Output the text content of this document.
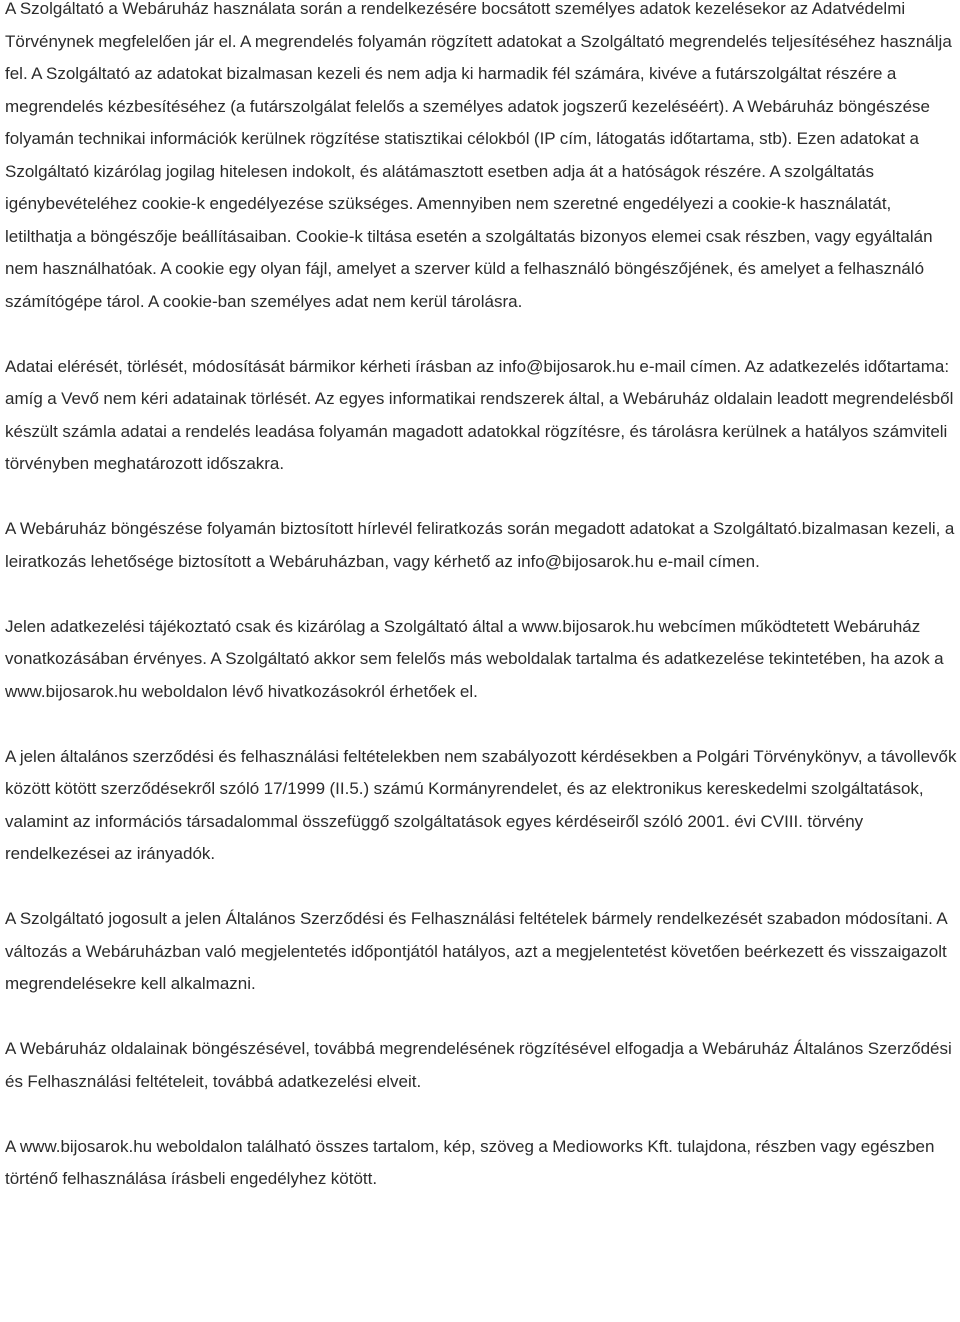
A Szolgáltató a Webáruház használata során a rendelkezésére bocsátott személyes adatok kezelésekor az Adatvédelmi Törvénynek megfelelően jár el. A megrendelés folyamán rögzített adatokat a Szolgáltató megrendelés teljesítéséhez használja fel. A Szolgáltató az adatokat bizalmasan kezeli és nem adja ki harmadik fél számára, kivéve a futárszolgáltat részére a megrendelés kézbesítéséhez (a futárszolgálat felelős a személyes adatok jogszerű kezeléséért). A Webáruház böngészése folyamán technikai információk kerülnek rögzítése statisztikai célokból (IP cím, látogatás időtartama, stb). Ezen adatokat a Szolgáltató kizárólag jogilag hitelesen indokolt, és alátámasztott esetben adja át a hatóságok részére. A szolgáltatás igénybevételéhez cookie-k engedélyezése szükséges. Amennyiben nem szeretné engedélyezi a cookie-k használatát, letilthatja a böngészője beállításaiban. Cookie-k tiltása esetén a szolgáltatás bizonyos elemei csak részben, vagy egyáltalán nem használhatóak. A cookie egy olyan fájl, amelyet a szerver küld a felhasználó böngészőjének, és amelyet a felhasználó számítógépe tárol. A cookie-ban személyes adat nem kerül tárolásra.

Adatai elérését, törlését, módosítását bármikor kérheti írásban az info@bijosarok.hu e-mail címen. Az adatkezelés időtartama: amíg a Vevő nem kéri adatainak törlését. Az egyes informatikai rendszerek által, a Webáruház oldalain leadott megrendelésből készült számla adatai a rendelés leadása folyamán magadott adatokkal rögzítésre, és tárolásra kerülnek a hatályos számviteli törvényben meghatározott időszakra.

A Webáruház böngészése folyamán biztosított hírlevél feliratkozás során megadott adatokat a Szolgáltató.bizalmasan kezeli, a leiratkozás lehetősége biztosított a Webáruházban, vagy kérhető az info@bijosarok.hu e-mail címen.

Jelen adatkezelési tájékoztató csak és kizárólag a Szolgáltató által a www.bijosarok.hu webcímen működtetett Webáruház vonatkozásában érvényes. A Szolgáltató akkor sem felelős más weboldalak tartalma és adatkezelése tekintetében, ha azok a www.bijosarok.hu weboldalon lévő hivatkozásokról érhetőek el.

A jelen általános szerződési és felhasználási feltételekben nem szabályozott kérdésekben a Polgári Törvénykönyv, a távollevők között kötött szerződésekről szóló 17/1999 (II.5.) számú Kormányrendelet, és az elektronikus kereskedelmi szolgáltatások, valamint az információs társadalommal összefüggő szolgáltatások egyes kérdéseiről szóló 2001. évi CVIII. törvény rendelkezései az irányadók.

A Szolgáltató jogosult a jelen Általános Szerződési és Felhasználási feltételek bármely rendelkezését szabadon módosítani. A változás a Webáruházban való megjelentetés időpontjától hatályos, azt a megjelentetést követően beérkezett és visszaigazolt megrendelésekre kell alkalmazni.

A Webáruház oldalainak böngészésével, továbbá megrendelésének rögzítésével elfogadja a Webáruház Általános Szerződési és Felhasználási feltételeit, továbbá adatkezelési elveit.

A www.bijosarok.hu weboldalon található összes tartalom, kép, szöveg a Medioworks Kft. tulajdona, részben vagy egészben történő felhasználása írásbeli engedélyhez kötött.
